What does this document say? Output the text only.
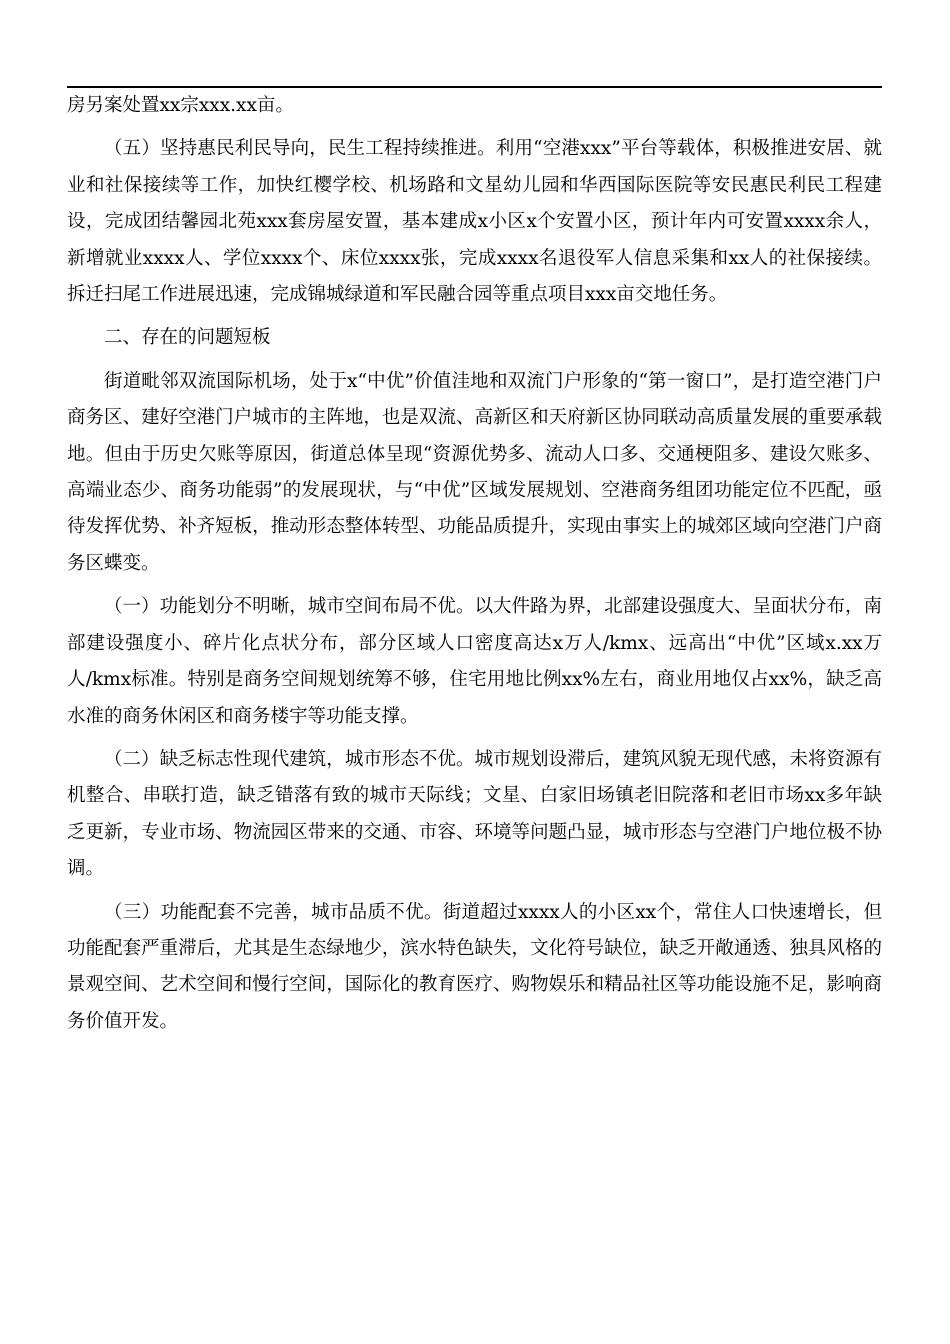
房另案处置xx宗xxx.xx亩。

（五）坚持惠民利民导向，民生工程持续推进。利用“空港xxx”平台等载体，积极推进安居、就业和社保接续等工作，加快红樱学校、机场路和文星幼儿园和华西国际医院等安民惠民利民工程建设，完成团结馨园北苑xxx套房屋安置，基本建成x小区x个安置小区，预计年内可安置xxxx余人，新增就业xxxx人、学位xxxx个、床位xxxx张，完成xxxx名退役军人信息采集和xx人的社保接续。拆迁扫尾工作进展迅速，完成锦城绿道和军民融合园等重点项目xxx亩交地任务。

二、存在的问题短板

街道毗邻双流国际机场，处于x“中优”价值洼地和双流门户形象的“第一窗口”，是打造空港门户商务区、建好空港门户城市的主阵地，也是双流、高新区和天府新区协同联动高质量发展的重要承载地。但由于历史欠账等原因，街道总体呈现“资源优势多、流动人口多、交通梗阻多、建设欠账多、高端业态少、商务功能弱”的发展现状，与“中优”区域发展规划、空港商务组团功能定位不匹配，亟待发挥优势、补齐短板，推动形态整体转型、功能品质提升，实现由事实上的城郊区域向空港门户商务区蝶变。

（一）功能划分不明晰，城市空间布局不优。以大件路为界，北部建设强度大、呈面状分布，南部建设强度小、碎片化点状分布，部分区域人口密度高达x万人/kmx、远高出“中优”区域x.xx万人/kmx标准。特别是商务空间规划统筹不够，住宅用地比例xx%左右，商业用地仅占xx%，缺乏高水准的商务休闲区和商务楼宇等功能支撑。

（二）缺乏标志性现代建筑，城市形态不优。城市规划设滞后，建筑风貌无现代感，未将资源有机整合、串联打造，缺乏错落有致的城市天际线；文星、白家旧场镇老旧院落和老旧市场xx多年缺乏更新，专业市场、物流园区带来的交通、市容、环境等问题凸显，城市形态与空港门户地位极不协调。

（三）功能配套不完善，城市品质不优。街道超过xxxx人的小区xx个，常住人口快速增长，但功能配套严重滞后，尤其是生态绿地少，滨水特色缺失，文化符号缺位，缺乏开敞通透、独具风格的景观空间、艺术空间和慢行空间，国际化的教育医疗、购物娱乐和精品社区等功能设施不足，影响商务价值开发。
